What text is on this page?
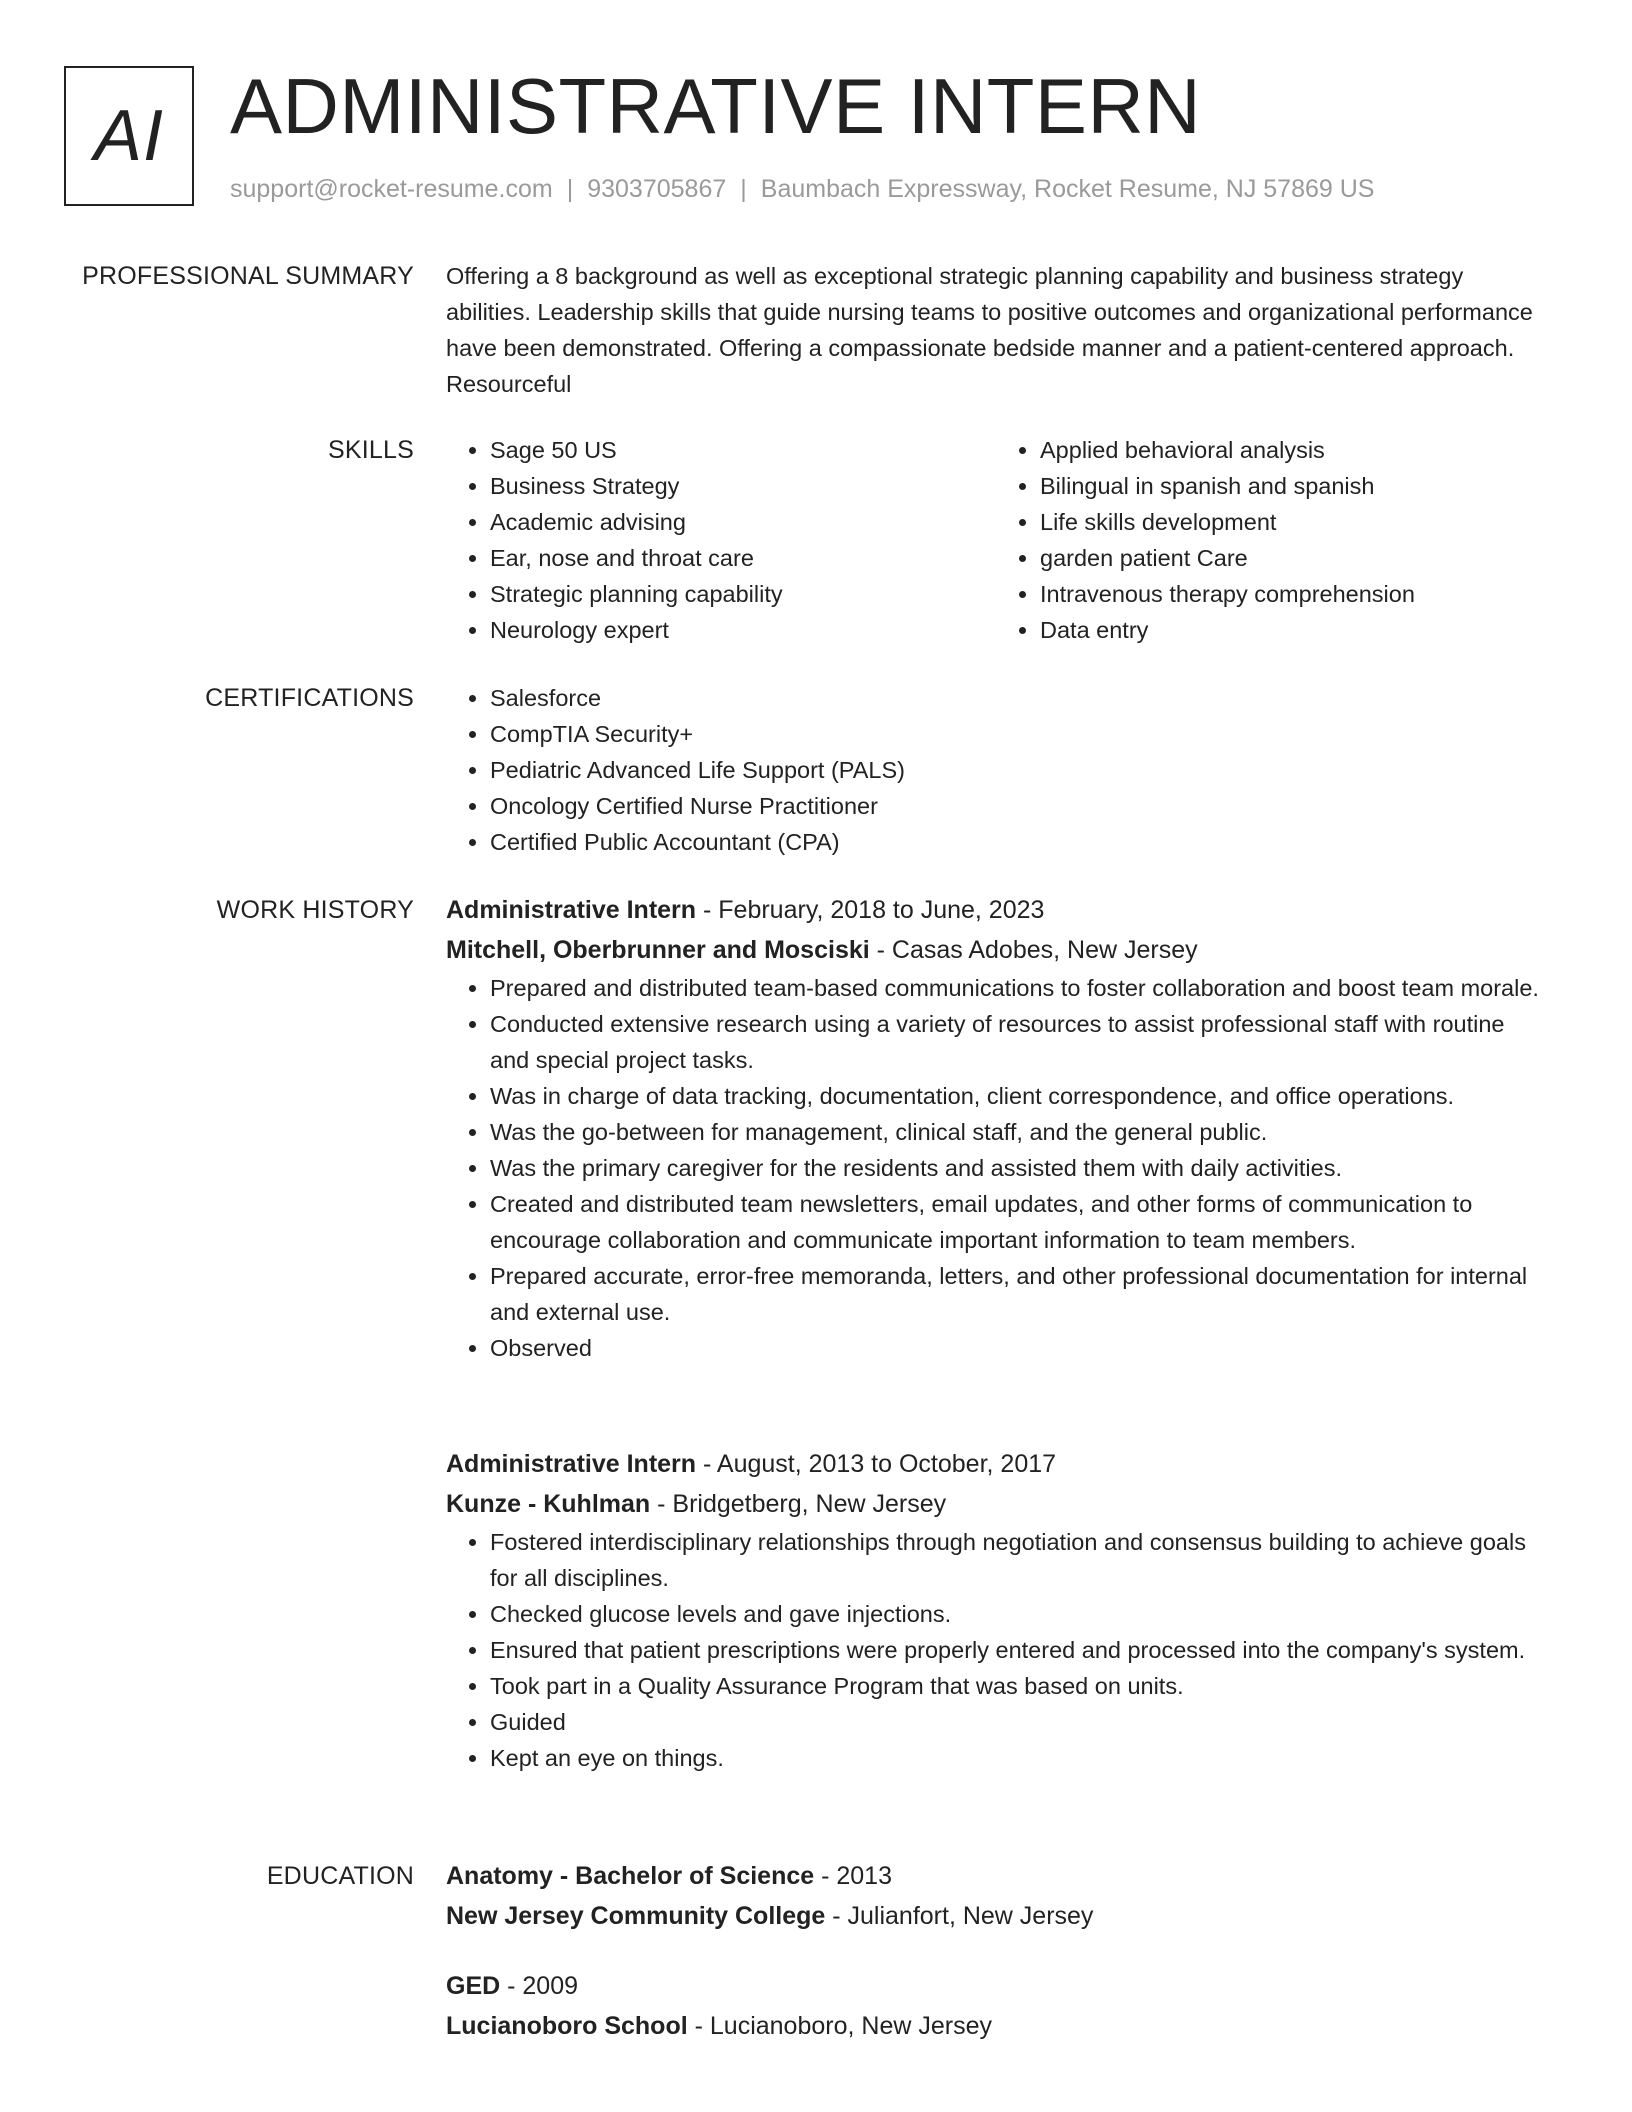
AI ADMINISTRATIVE INTERN
support@rocket-resume.com | 9303705867 | Baumbach Expressway, Rocket Resume, NJ 57869 US
PROFESSIONAL SUMMARY Offering a 8 background as well as exceptional strategic planning capability and business strategy abilities. Leadership skills that guide nursing teams to positive outcomes and organizational performance have been demonstrated. Offering a compassionate bedside manner and a patient-centered approach. Resourceful
SKILLS	• Sage 50 US
• Business Strategy
• Academic advising
• Ear, nose and throat care
• Strategic planning capability
• Neurology expert
• Applied behavioral analysis
• Bilingual in spanish and spanish
• Life skills development
• garden patient Care
• Intravenous therapy comprehension
• Data entry
CERTIFICATIONS	• Salesforce
• CompTIA Security+
• Pediatric Advanced Life Support (PALS)
• Oncology Certified Nurse Practitioner
• Certified Public Accountant (CPA)
WORK HISTORY Administrative Intern - February, 2018 to June, 2023
Mitchell, Oberbrunner and Mosciski - Casas Adobes, New Jersey
• Prepared and distributed team-based communications to foster collaboration and boost team morale.
• Conducted extensive research using a variety of resources to assist professional staff with routine and special project tasks.
• Was in charge of data tracking, documentation, client correspondence, and office operations.
• Was the go-between for management, clinical staff, and the general public.
• Was the primary caregiver for the residents and assisted them with daily activities.
• Created and distributed team newsletters, email updates, and other forms of communication to encourage collaboration and communicate important information to team members.
• Prepared accurate, error-free memoranda, letters, and other professional documentation for internal and external use.
• Observed
Administrative Intern - August, 2013 to October, 2017
Kunze - Kuhlman - Bridgetberg, New Jersey
• Fostered interdisciplinary relationships through negotiation and consensus building to achieve goals for all disciplines.
• Checked glucose levels and gave injections.
• Ensured that patient prescriptions were properly entered and processed into the company's system.
• Took part in a Quality Assurance Program that was based on units.
• Guided
• Kept an eye on things.
EDUCATION Anatomy - Bachelor of Science - 2013
New Jersey Community College - Julianfort, New Jersey
GED - 2009
Lucianoboro School - Lucianoboro, New Jersey
